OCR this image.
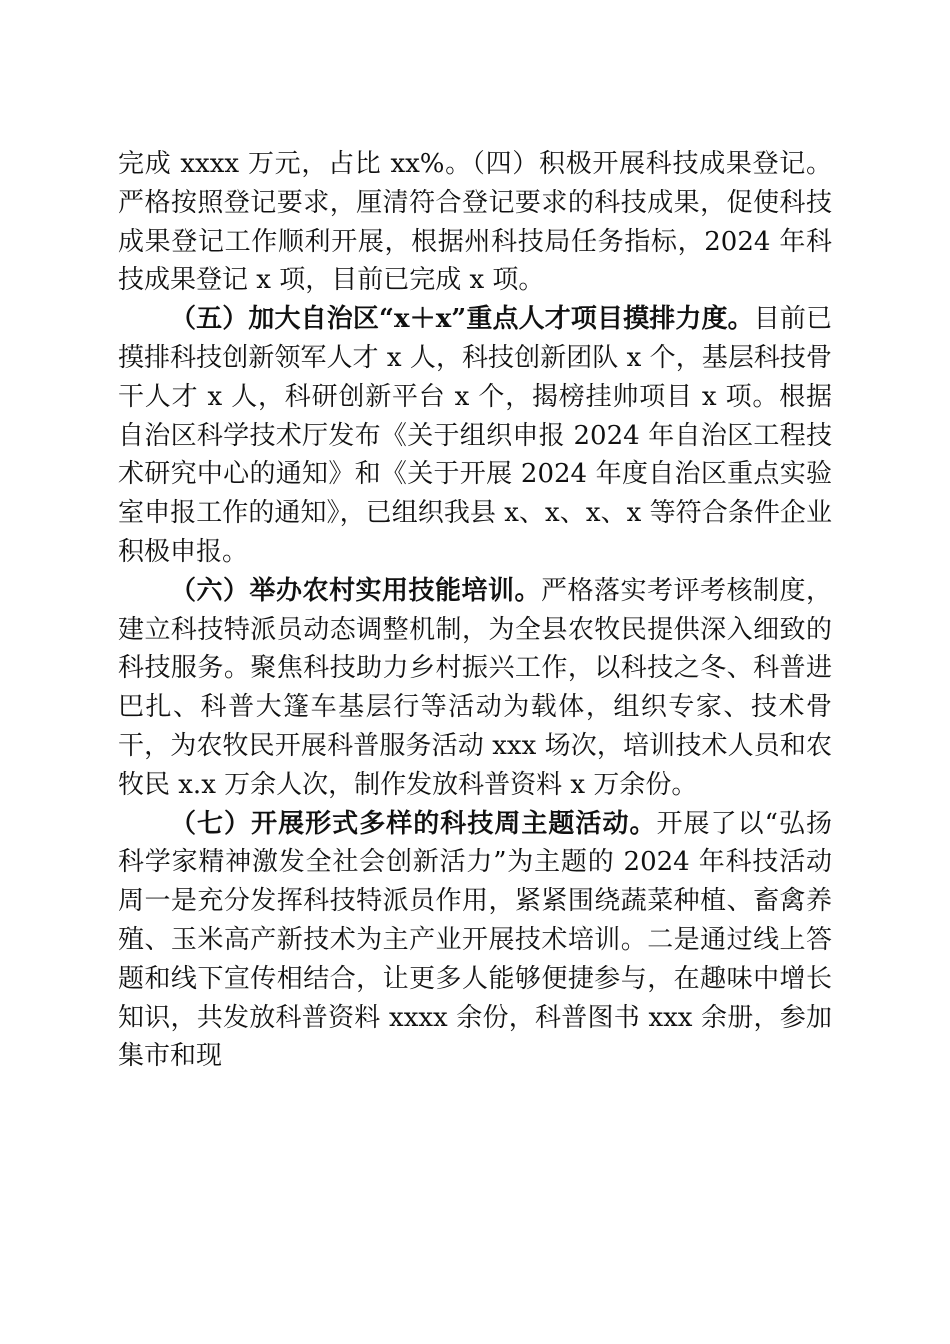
完成 xxxx 万元，占比 xx%。（四）积极开展科技成果登记。严格按照登记要求，厘清符合登记要求的科技成果，促使科技成果登记工作顺利开展，根据州科技局任务指标，2024 年科技成果登记 x 项，目前已完成 x 项。

（五）加大自治区“x＋x”重点人才项目摸排力度。目前已摸排科技创新领军人才 x 人，科技创新团队 x 个，基层科技骨干人才 x 人，科研创新平台 x 个，揭榜挂帅项目 x 项。根据自治区科学技术厅发布《关于组织申报 2024 年自治区工程技术研究中心的通知》和《关于开展 2024 年度自治区重点实验室申报工作的通知》，已组织我县 x、x、x、x 等符合条件企业积极申报。

（六）举办农村实用技能培训。严格落实考评考核制度，建立科技特派员动态调整机制，为全县农牧民提供深入细致的科技服务。聚焦科技助力乡村振兴工作，以科技之冬、科普进巴扎、科普大篷车基层行等活动为载体，组织专家、技术骨干，为农牧民开展科普服务活动 xxx 场次，培训技术人员和农牧民 x.x 万余人次，制作发放科普资料 x 万余份。

（七）开展形式多样的科技周主题活动。开展了以“弘扬科学家精神激发全社会创新活力”为主题的 2024 年科技活动周一是充分发挥科技特派员作用，紧紧围绕蔬菜种植、畜禽养殖、玉米高产新技术为主产业开展技术培训。二是通过线上答题和线下宣传相结合，让更多人能够便捷参与，在趣味中增长知识，共发放科普资料 xxxx 余份，科普图书 xxx 余册，参加集市和现
